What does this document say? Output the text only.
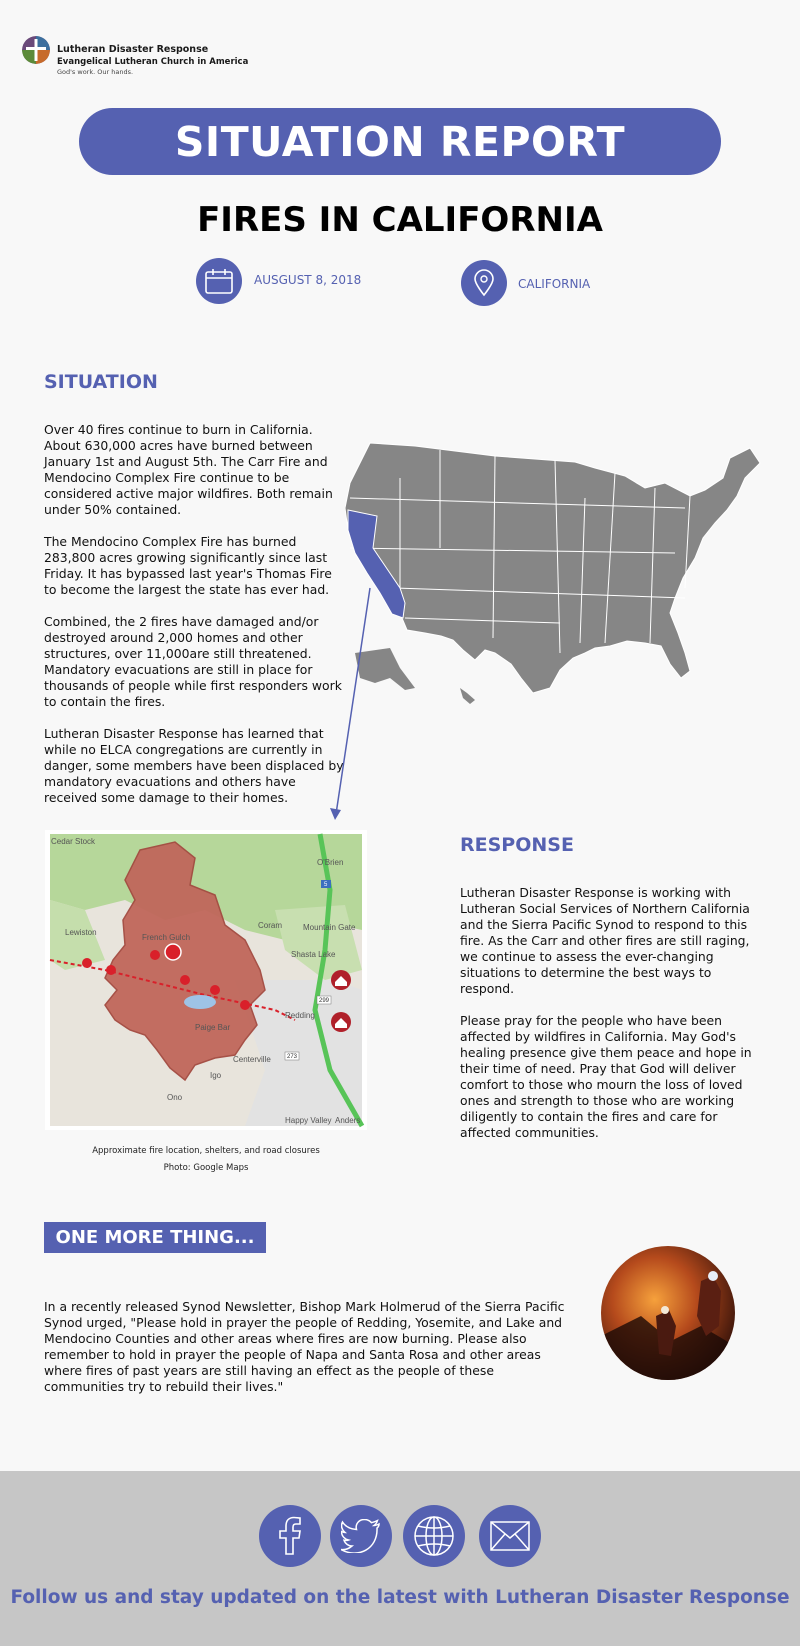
Lutheran Disaster Response
Evangelical Lutheran Church in America
God's work. Our hands.
SITUATION REPORT
FIRES IN CALIFORNIA
AUSGUST 8, 2018	CALIFORNIA
SITUATION

Over 40 fires continue to burn in California. About 630,000 acres have burned between January 1st and August 5th. The Carr Fire and Mendocino Complex Fire continue to be considered active major wildfires. Both remain under 50% contained.

The Mendocino Complex Fire has burned 283,800 acres growing significantly since last Friday. It has bypassed last year's Thomas Fire to become the largest the state has ever had.

Combined, the 2 fires have damaged and/or destroyed around 2,000 homes and other structures, over 11,000are still threatened. Mandatory evacuations are still in place for thousands of people while first responders work to contain the fires.

Lutheran Disaster Response has learned that while no ELCA congregations are currently in danger, some members have been displaced by mandatory evacuations and others have received some damage to their homes.

Cedar Stock
O'Brien
Lewiston
French Gulch
Coram	Mountain Gate
Shasta Lake
Redding
Paige Bar
Centerville
Igo
Ono
Happy Valley Anders
5
299
273
Approximate fire location, shelters, and road closures
Photo: Google Maps
RESPONSE

Lutheran Disaster Response is working with Lutheran Social Services of Northern California and the Sierra Pacific Synod to respond to this fire. As the Carr and other fires are still raging, we continue to assess the ever-changing situations to determine the best ways to respond.

Please pray for the people who have been affected by wildfires in California. May God's healing presence give them peace and hope in their time of need. Pray that God will deliver comfort to those who mourn the loss of loved ones and strength to those who are working diligently to contain the fires and care for affected communities.

ONE MORE THING...
In a recently released Synod Newsletter, Bishop Mark Holmerud of the Sierra Pacific Synod urged, "Please hold in prayer the people of Redding, Yosemite, and Lake and Mendocino Counties and other areas where fires are now burning. Please also remember to hold in prayer the people of Napa and Santa Rosa and other areas where fires of past years are still having an effect as the people of these communities try to rebuild their lives."
Follow us and stay updated on the latest with Lutheran Disaster Response
